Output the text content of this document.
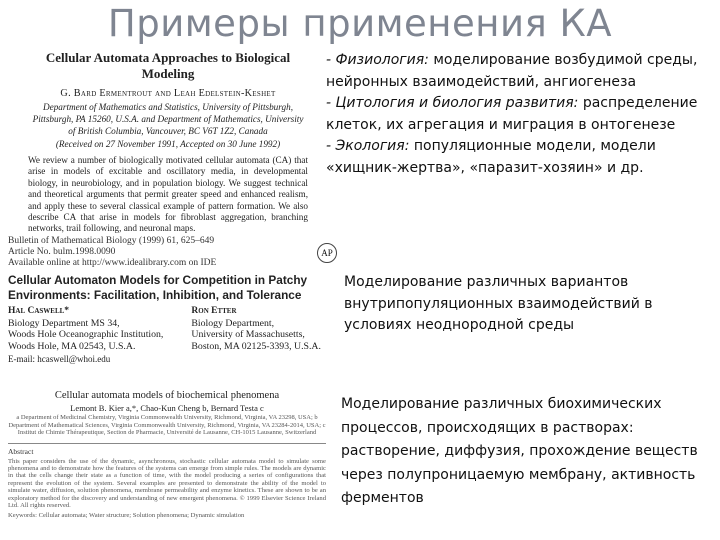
Примеры применения КА
Cellular Automata Approaches to Biological Modeling
G. Bard Ermentrout and Leah Edelstein-Keshet
Department of Mathematics and Statistics, University of Pittsburgh, Pittsburgh, PA 15260, U.S.A. and Department of Mathematics, University of British Columbia, Vancouver, BC V6T 1Z2, Canada
(Received on 27 November 1991, Accepted on 30 June 1992)
We review a number of biologically motivated cellular automata (CA) that arise in models of excitable and oscillatory media, in developmental biology, in neurobiology, and in population biology. We suggest technical and theoretical arguments that permit greater speed and enhanced realism, and apply these to several classical example of pattern formation. We also describe CA that arise in models for fibroblast aggregation, branching networks, trail following, and neuronal maps.
Bulletin of Mathematical Biology (1999) 61, 625–649
Article No. bulm.1998.0090
Available online at http://www.idealibrary.com on IDE
Cellular Automaton Models for Competition in Patchy Environments: Facilitation, Inhibition, and Tolerance
Hal Caswell*
Biology Department MS 34,
Woods Hole Oceanographic Institution,
Woods Hole, MA 02543, U.S.A.
Ron Etter
Biology Department,
University of Massachusetts,
Boston, MA 02125-3393, U.S.A.
E-mail: hcaswell@whoi.edu
AP
Cellular automata models of biochemical phenomena
Lemont B. Kier a,*, Chao-Kun Cheng b, Bernard Testa c
a Department of Medicinal Chemistry, Virginia Commonwealth University, Richmond, Virginia, VA 23298, USA; b Department of Mathematical Sciences, Virginia Commonwealth University, Richmond, Virginia, VA 23284-2014, USA; c Institut de Chimie Thérapeutique, Section de Pharmacie, Université de Lausanne, CH-1015 Lausanne, Switzerland
Abstract
This paper considers the use of the dynamic, asynchronous, stochastic cellular automata model to simulate some phenomena and to demonstrate how the features of the systems can emerge from simple rules. The models are dynamic in that the cells change their state as a function of time, with the model producing a series of configurations that represent the evolution of the system. Several examples are presented to demonstrate the ability of the model to simulate water, diffusion, solution phenomena, membrane permeability and enzyme kinetics. These are shown to be an exploratory method for the discovery and understanding of new emergent phenomena. © 1999 Elsevier Science Ireland Ltd. All rights reserved.
Keywords: Cellular automata; Water structure; Solution phenomena; Dynamic simulation
- Физиология: моделирование возбудимой среды, нейронных взаимодействий, ангиогенеза
- Цитология и биология развития: распределение клеток, их агрегация и миграция в онтогенезе
- Экология: популяционные модели, модели «хищник-жертва», «паразит-хозяин» и др.
Моделирование различных вариантов внутрипопуляционных взаимодействий в условиях неоднородной среды
Моделирование различных биохимических процессов, происходящих в растворах: растворение, диффузия, прохождение веществ через полупроницаемую мембрану, активность ферментов
